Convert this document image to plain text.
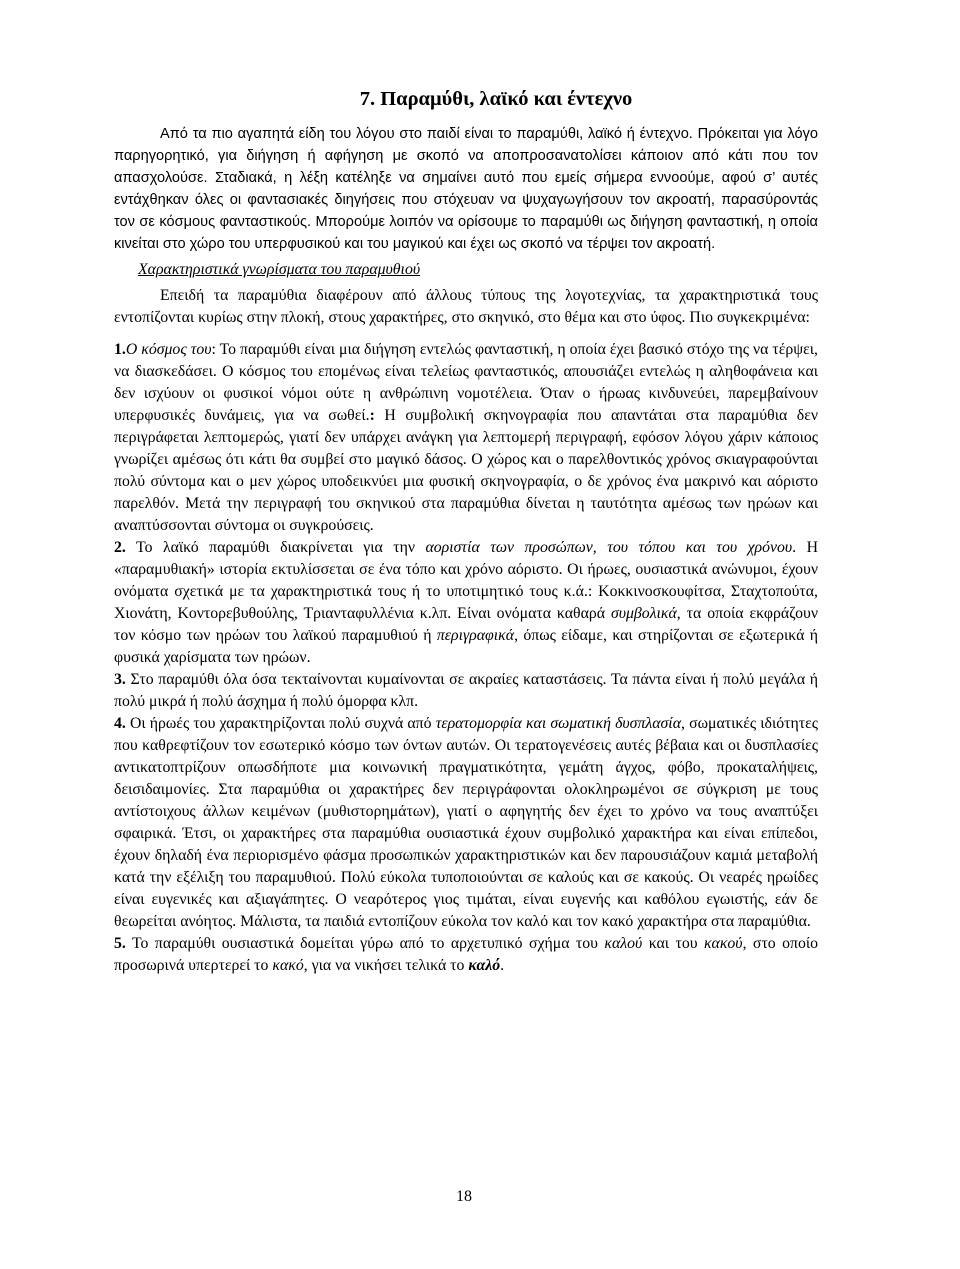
7. Παραμύθι, λαϊκό και έντεχνο

Από τα πιο αγαπητά είδη του λόγου στο παιδί είναι το παραμύθι, λαϊκό ή έντεχνο. Πρόκειται για λόγο παρηγορητικό, για διήγηση ή αφήγηση με σκοπό να αποπροσανατολίσει κάποιον από κάτι που τον απασχολούσε. Σταδιακά, η λέξη κατέληξε να σημαίνει αυτό που εμείς σήμερα εννοούμε, αφού σ’ αυτές εντάχθηκαν όλες οι φαντασιακές διηγήσεις που στόχευαν να ψυχαγωγήσουν τον ακροατή, παρασύροντάς τον σε κόσμους φανταστικούς. Μπορούμε λοιπόν να ορίσουμε το παραμύθι ως διήγηση φανταστική, η οποία κινείται στο χώρο του υπερφυσικού και του μαγικού και έχει ως σκοπό να τέρψει τον ακροατή.

Χαρακτηριστικά γνωρίσματα του παραμυθιού

Επειδή τα παραμύθια διαφέρουν από άλλους τύπους της λογοτεχνίας, τα χαρακτηριστικά τους εντοπίζονται κυρίως στην πλοκή, στους χαρακτήρες, στο σκηνικό, στο θέμα και στο ύφος. Πιο συγκεκριμένα:

1.Ο κόσμος του: Το παραμύθι είναι μια διήγηση εντελώς φανταστική, η οποία έχει βασικό στόχο της να τέρψει, να διασκεδάσει. Ο κόσμος του επομένως είναι τελείως φανταστικός, απουσιάζει εντελώς η αληθοφάνεια και δεν ισχύουν οι φυσικοί νόμοι ούτε η ανθρώπινη νομοτέλεια. Όταν ο ήρωας κινδυνεύει, παρεμβαίνουν υπερφυσικές δυνάμεις, για να σωθεί.: Η συμβολική σκηνογραφία που απαντάται στα παραμύθια δεν περιγράφεται λεπτομερώς, γιατί δεν υπάρχει ανάγκη για λεπτομερή περιγραφή, εφόσον λόγου χάριν κάποιος γνωρίζει αμέσως ότι κάτι θα συμβεί στο μαγικό δάσος. Ο χώρος και ο παρελθοντικός χρόνος σκιαγραφούνται πολύ σύντομα και ο μεν χώρος υποδεικνύει μια φυσική σκηνογραφία, ο δε χρόνος ένα μακρινό και αόριστο παρελθόν. Μετά την περιγραφή του σκηνικού στα παραμύθια δίνεται η ταυτότητα αμέσως των ηρώων και αναπτύσσονται σύντομα οι συγκρούσεις.

2. Το λαϊκό παραμύθι διακρίνεται για την αοριστία των προσώπων, του τόπου και του χρόνου. Η «παραμυθιακή» ιστορία εκτυλίσσεται σε ένα τόπο και χρόνο αόριστο. Οι ήρωες, ουσιαστικά ανώνυμοι, έχουν ονόματα σχετικά με τα χαρακτηριστικά τους ή το υποτιμητικό τους κ.ά.: Κοκκινοσκουφίτσα, Σταχτοπούτα, Χιονάτη, Κοντορεβυθούλης, Τριανταφυλλένια κ.λπ. Είναι ονόματα καθαρά συμβολικά, τα οποία εκφράζουν τον κόσμο των ηρώων του λαϊκού παραμυθιού ή περιγραφικά, όπως είδαμε, και στηρίζονται σε εξωτερικά ή φυσικά χαρίσματα των ηρώων.

3. Στο παραμύθι όλα όσα τεκταίνονται κυμαίνονται σε ακραίες καταστάσεις. Τα πάντα είναι ή πολύ μεγάλα ή πολύ μικρά ή πολύ άσχημα ή πολύ όμορφα κλπ.

4. Οι ήρωές του χαρακτηρίζονται πολύ συχνά από τερατομορφία και σωματική δυσπλασία, σωματικές ιδιότητες που καθρεφτίζουν τον εσωτερικό κόσμο των όντων αυτών. Οι τερατογενέσεις αυτές βέβαια και οι δυσπλασίες αντικατοπτρίζουν οπωσδήποτε μια κοινωνική πραγματικότητα, γεμάτη άγχος, φόβο, προκαταλήψεις, δεισιδαιμονίες. Στα παραμύθια οι χαρακτήρες δεν περιγράφονται ολοκληρωμένοι σε σύγκριση με τους αντίστοιχους άλλων κειμένων (μυθιστορημάτων), γιατί ο αφηγητής δεν έχει το χρόνο να τους αναπτύξει σφαιρικά. Έτσι, οι χαρακτήρες στα παραμύθια ουσιαστικά έχουν συμβολικό χαρακτήρα και είναι επίπεδοι, έχουν δηλαδή ένα περιορισμένο φάσμα προσωπικών χαρακτηριστικών και δεν παρουσιάζουν καμιά μεταβολή κατά την εξέλιξη του παραμυθιού. Πολύ εύκολα τυποποιούνται σε καλούς και σε κακούς. Οι νεαρές ηρωίδες είναι ευγενικές και αξιαγάπητες. Ο νεαρότερος γιος τιμάται, είναι ευγενής και καθόλου εγωιστής, εάν δε θεωρείται ανόητος. Μάλιστα, τα παιδιά εντοπίζουν εύκολα τον καλό και τον κακό χαρακτήρα στα παραμύθια.

5. Το παραμύθι ουσιαστικά δομείται γύρω από το αρχετυπικό σχήμα του καλού και του κακού, στο οποίο προσωρινά υπερτερεί το κακό, για να νικήσει τελικά το καλό.

18
